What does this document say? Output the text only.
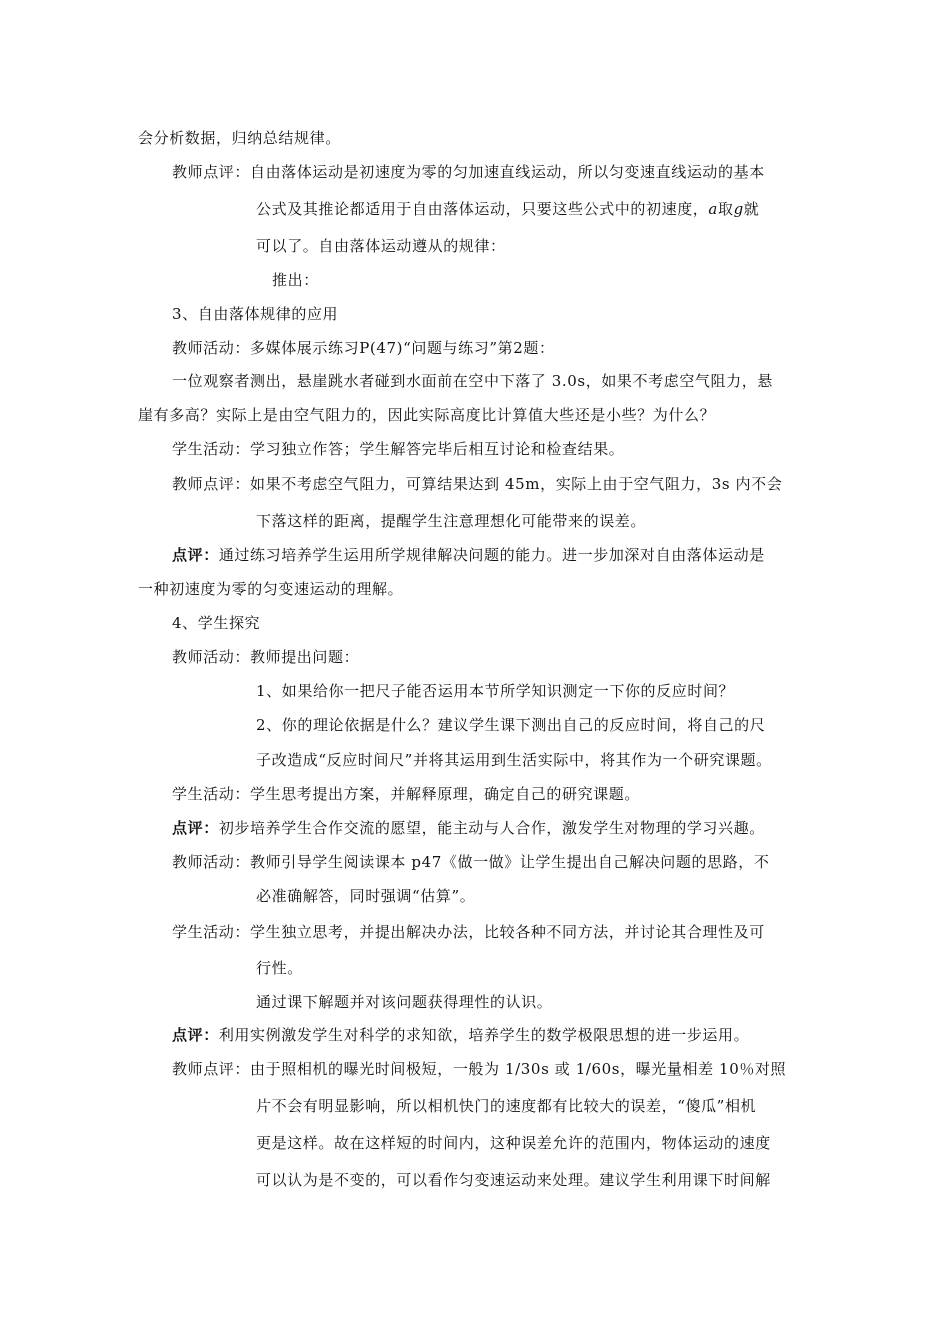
会分析数据，归纳总结规律。
教师点评：自由落体运动是初速度为零的匀加速直线运动，所以匀变速直线运动的基本
公式及其推论都适用于自由落体运动，只要这些公式中的初速度，a取g就
可以了。自由落体运动遵从的规律：
推出：
3、自由落体规律的应用
教师活动：多媒体展示练习P(47)“问题与练习”第2题：
一位观察者测出，悬崖跳水者碰到水面前在空中下落了 3.0s，如果不考虑空气阻力，悬
崖有多高？实际上是由空气阻力的，因此实际高度比计算值大些还是小些？为什么？
学生活动：学习独立作答；学生解答完毕后相互讨论和检查结果。
教师点评：如果不考虑空气阻力，可算结果达到 45m，实际上由于空气阻力，3s 内不会
下落这样的距离，提醒学生注意理想化可能带来的误差。
点评：通过练习培养学生运用所学规律解决问题的能力。进一步加深对自由落体运动是
一种初速度为零的匀变速运动的理解。
4、学生探究
教师活动：教师提出问题：
1、如果给你一把尺子能否运用本节所学知识测定一下你的反应时间？
2、你的理论依据是什么？建议学生课下测出自己的反应时间，将自己的尺
子改造成“反应时间尺”并将其运用到生活实际中，将其作为一个研究课题。
学生活动：学生思考提出方案，并解释原理，确定自己的研究课题。
点评：初步培养学生合作交流的愿望，能主动与人合作，激发学生对物理的学习兴趣。
教师活动：教师引导学生阅读课本 p47《做一做》让学生提出自己解决问题的思路，不
必准确解答，同时强调“估算”。
学生活动：学生独立思考，并提出解决办法，比较各种不同方法，并讨论其合理性及可
行性。
通过课下解题并对该问题获得理性的认识。
点评：利用实例激发学生对科学的求知欲，培养学生的数学极限思想的进一步运用。
教师点评：由于照相机的曝光时间极短，一般为 1/30s 或 1/60s，曝光量相差 10％对照
片不会有明显影响，所以相机快门的速度都有比较大的误差，“傻瓜”相机
更是这样。故在这样短的时间内，这种误差允许的范围内，物体运动的速度
可以认为是不变的，可以看作匀变速运动来处理。建议学生利用课下时间解
